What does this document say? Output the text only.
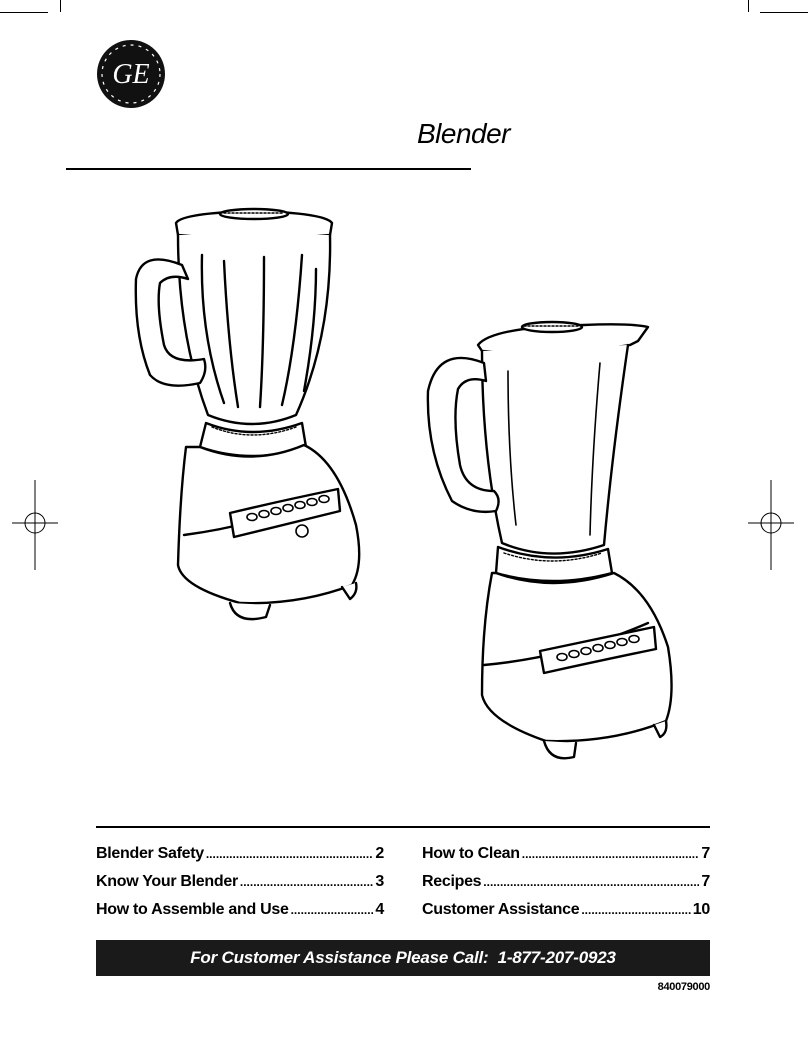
GE
Blender
Blender Safety .....	2
Know Your Blender .....	3
How to Assemble and Use .....	4
How to Clean .....	7
Recipes .....	7
Customer Assistance .....	10
For Customer Assistance Please Call:  1-877-207-0923
840079000
